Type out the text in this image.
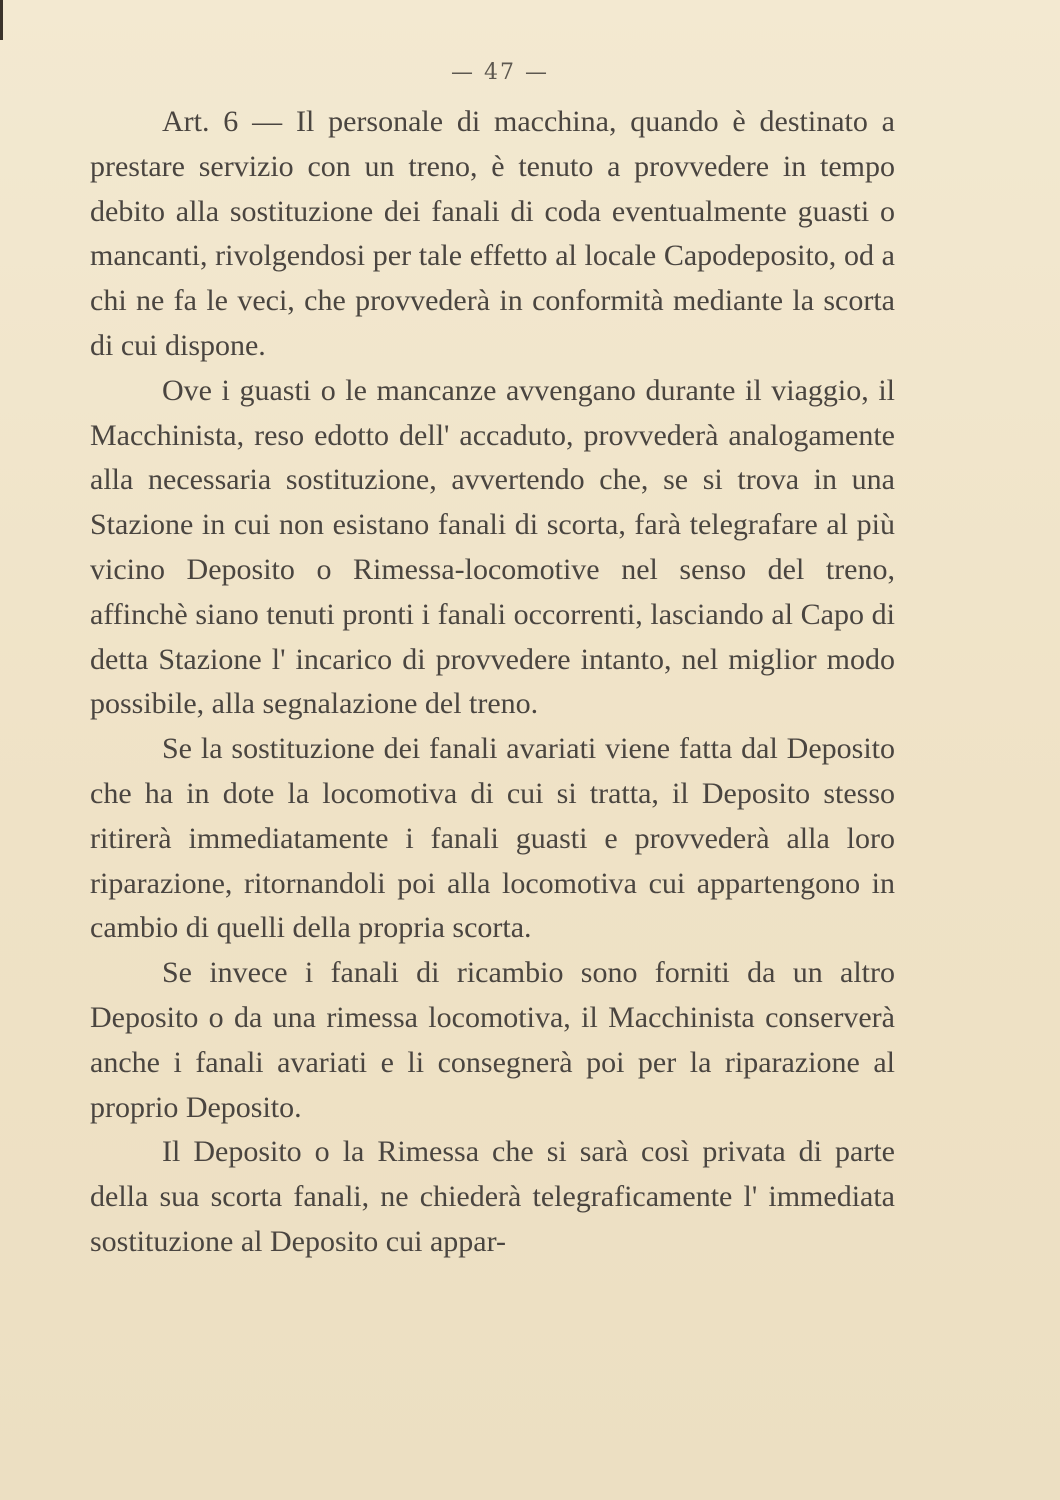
— 47 —

Art. 6 — Il personale di macchina, quando è destinato a prestare servizio con un treno, è tenuto a provvedere in tempo debito alla sostituzione dei fanali di coda eventualmente guasti o mancanti, rivolgendosi per tale effetto al locale Capodeposito, od a chi ne fa le veci, che provvederà in conformità mediante la scorta di cui dispone.

Ove i guasti o le mancanze avvengano durante il viaggio, il Macchinista, reso edotto dell' accaduto, provvederà analogamente alla necessaria sostituzione, avvertendo che, se si trova in una Stazione in cui non esistano fanali di scorta, farà telegrafare al più vicino Deposito o Rimessa-locomotive nel senso del treno, affinchè siano tenuti pronti i fanali occorrenti, lasciando al Capo di detta Stazione l' incarico di provvedere intanto, nel miglior modo possibile, alla segnalazione del treno.

Se la sostituzione dei fanali avariati viene fatta dal Deposito che ha in dote la locomotiva di cui si tratta, il Deposito stesso ritirerà immediatamente i fanali guasti e provvederà alla loro riparazione, ritornandoli poi alla locomotiva cui appartengono in cambio di quelli della propria scorta.

Se invece i fanali di ricambio sono forniti da un altro Deposito o da una rimessa locomotiva, il Macchinista conserverà anche i fanali avariati e li consegnerà poi per la riparazione al proprio Deposito.

Il Deposito o la Rimessa che si sarà così privata di parte della sua scorta fanali, ne chiederà telegraficamente l' immediata sostituzione al Deposito cui appar-
